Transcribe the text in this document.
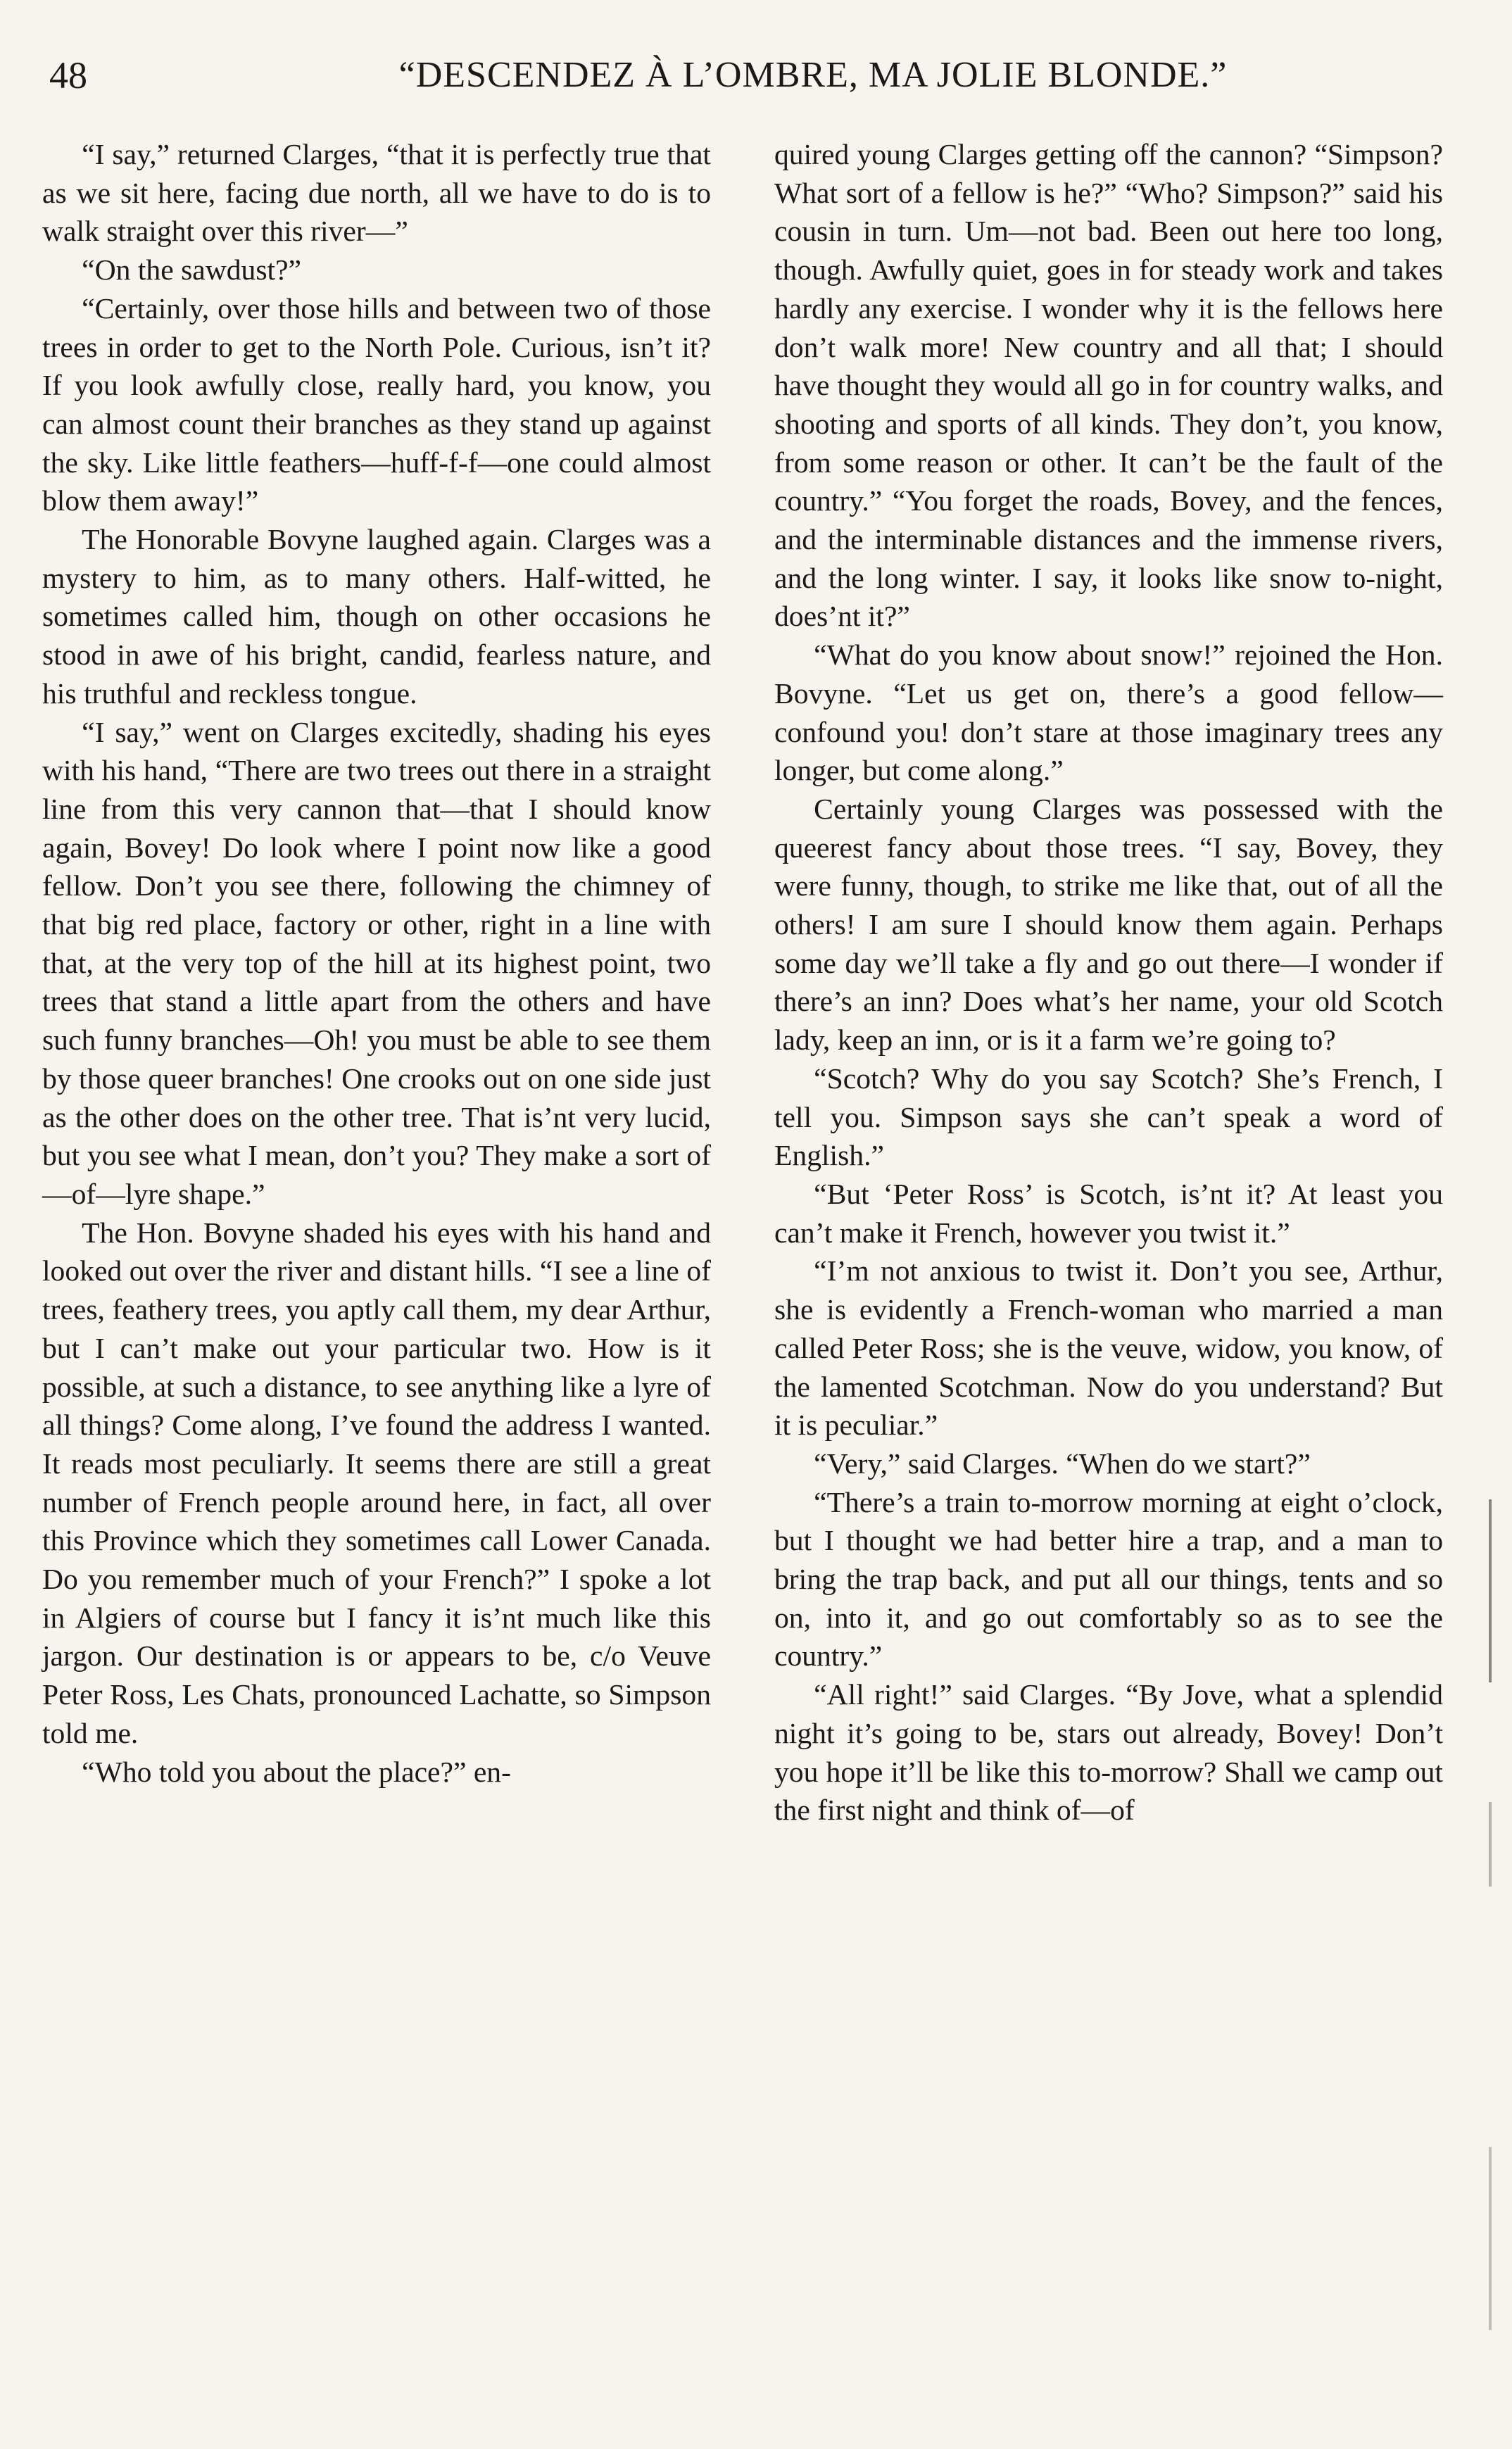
48	“DESCENDEZ À L’OMBRE, MA JOLIE BLONDE.”

“I say,” returned Clarges, “that it is perfectly true that as we sit here, facing due north, all we have to do is to walk straight over this river—”

“On the sawdust?”

“Certainly, over those hills and between two of those trees in order to get to the North Pole. Curious, isn’t it? If you look awfully close, really hard, you know, you can almost count their branches as they stand up against the sky. Like little feathers—huff-f-f—one could almost blow them away!”

The Honorable Bovyne laughed again. Clarges was a mystery to him, as to many others. Half-witted, he sometimes called him, though on other occasions he stood in awe of his bright, candid, fearless nature, and his truthful and reckless tongue.

“I say,” went on Clarges excitedly, shading his eyes with his hand, “There are two trees out there in a straight line from this very cannon that—that I should know again, Bovey! Do look where I point now like a good fellow. Don’t you see there, following the chimney of that big red place, factory or other, right in a line with that, at the very top of the hill at its highest point, two trees that stand a little apart from the others and have such funny branches—Oh! you must be able to see them by those queer branches! One crooks out on one side just as the other does on the other tree. That is’nt very lucid, but you see what I mean, don’t you? They make a sort of—of—lyre shape.”

The Hon. Bovyne shaded his eyes with his hand and looked out over the river and distant hills. “I see a line of trees, feathery trees, you aptly call them, my dear Arthur, but I can’t make out your particular two. How is it possible, at such a distance, to see anything like a lyre of all things? Come along, I’ve found the address I wanted. It reads most peculiarly. It seems there are still a great number of French people around here, in fact, all over this Province which they sometimes call Lower Canada. Do you remember much of your French?” I spoke a lot in Algiers of course but I fancy it is’nt much like this jargon. Our destination is or appears to be, c/o Veuve Peter Ross, Les Chats, pronounced Lachatte, so Simpson told me.

“Who told you about the place?” en-

quired young Clarges getting off the cannon? “Simpson? What sort of a fellow is he?” “Who? Simpson?” said his cousin in turn. Um—not bad. Been out here too long, though. Awfully quiet, goes in for steady work and takes hardly any exercise. I wonder why it is the fellows here don’t walk more! New country and all that; I should have thought they would all go in for country walks, and shooting and sports of all kinds. They don’t, you know, from some reason or other. It can’t be the fault of the country.” “You forget the roads, Bovey, and the fences, and the interminable distances and the immense rivers, and the long winter. I say, it looks like snow to-night, does’nt it?”

“What do you know about snow!” rejoined the Hon. Bovyne. “Let us get on, there’s a good fellow—confound you! don’t stare at those imaginary trees any longer, but come along.”

Certainly young Clarges was possessed with the queerest fancy about those trees. “I say, Bovey, they were funny, though, to strike me like that, out of all the others! I am sure I should know them again. Perhaps some day we’ll take a fly and go out there—I wonder if there’s an inn? Does what’s her name, your old Scotch lady, keep an inn, or is it a farm we’re going to?

“Scotch? Why do you say Scotch? She’s French, I tell you. Simpson says she can’t speak a word of English.”

“But ‘Peter Ross’ is Scotch, is’nt it? At least you can’t make it French, however you twist it.”

“I’m not anxious to twist it. Don’t you see, Arthur, she is evidently a French-woman who married a man called Peter Ross; she is the veuve, widow, you know, of the lamented Scotchman. Now do you understand? But it is peculiar.”

“Very,” said Clarges. “When do we start?”

“There’s a train to-morrow morning at eight o’clock, but I thought we had better hire a trap, and a man to bring the trap back, and put all our things, tents and so on, into it, and go out comfortably so as to see the country.”

“All right!” said Clarges. “By Jove, what a splendid night it’s going to be, stars out already, Bovey! Don’t you hope it’ll be like this to-morrow? Shall we camp out the first night and think of—of
